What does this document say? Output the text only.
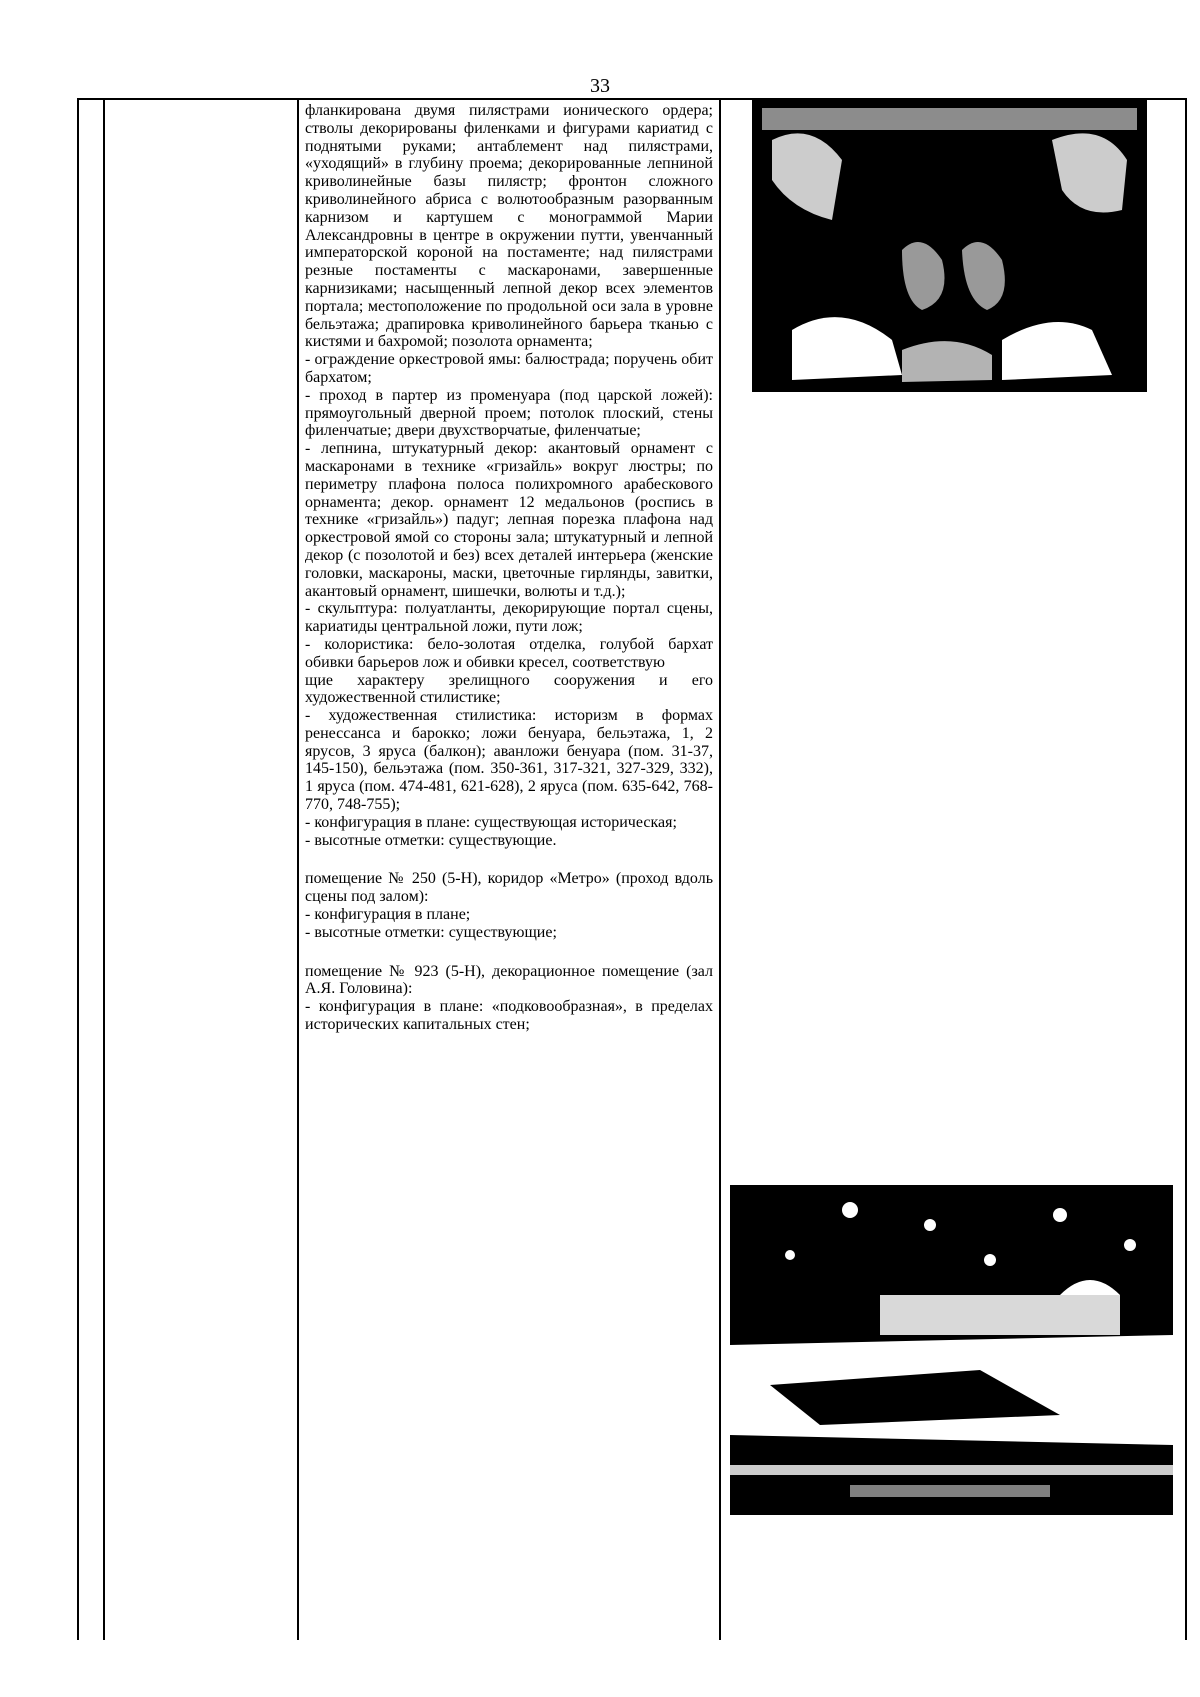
33

фланкирована двумя пилястрами ионического ордера; стволы декорированы филенками и фигурами кариатид с поднятыми руками; антаблемент над пилястрами, «уходящий» в глубину проема; декорированные лепниной криволинейные базы пилястр; фронтон сложного криволинейного абриса с волютообразным разорванным карнизом и картушем с монограммой Марии Александровны в центре в окружении путти, увенчанный императорской короной на постаменте; над пилястрами резные постаменты с маскаронами, завершенные карнизиками; насыщенный лепной декор всех элементов портала; местоположение по продольной оси зала в уровне бельэтажа; драпировка криволинейного барьера тканью с кистями и бахромой; позолота орнамента;

- ограждение оркестровой ямы: балюстрада; поручень обит бархатом;

- проход в партер из променуара (под царской ложей): прямоугольный дверной проем; потолок плоский, стены филенчатые; двери двухстворчатые, филенчатые;

- лепнина, штукатурный декор: акантовый орнамент с маскаронами в технике «гризайль» вокруг люстры; по периметру плафона полоса полихромного арабескового орнамента; декор. орнамент 12 медальонов (роспись в технике «гризайль») падуг; лепная порезка плафона над оркестровой ямой со стороны зала; штукатурный и лепной декор (с позолотой и без) всех деталей интерьера (женские головки, маскароны, маски, цветочные гирлянды, завитки, акантовый орнамент, шишечки, волюты и т.д.);

- скульптура: полуатланты, декорирующие портал сцены, кариатиды центральной ложи, пути лож;

- колористика: бело-золотая отделка, голубой бархат обивки барьеров лож и обивки кресел, соответствую

щие характеру зрелищного сооружения и его художественной стилистике;

- художественная стилистика: историзм в формах ренессанса и барокко; ложи бенуара, бельэтажа, 1, 2 ярусов, 3 яруса (балкон); аванложи бенуара (пом. 31-37, 145-150), бельэтажа (пом. 350-361, 317-321, 327-329, 332), 1 яруса (пом. 474-481, 621-628), 2 яруса (пом. 635-642, 768-770, 748-755);

- конфигурация в плане: существующая историческая;

- высотные отметки: существующие.

помещение № 250 (5-Н), коридор «Метро» (проход вдоль сцены под залом):

- конфигурация в плане;

- высотные отметки: существующие;

помещение № 923 (5-Н), декорационное помещение (зал А.Я. Головина):

- конфигурация в плане: «подковообразная», в пределах исторических капитальных стен;
